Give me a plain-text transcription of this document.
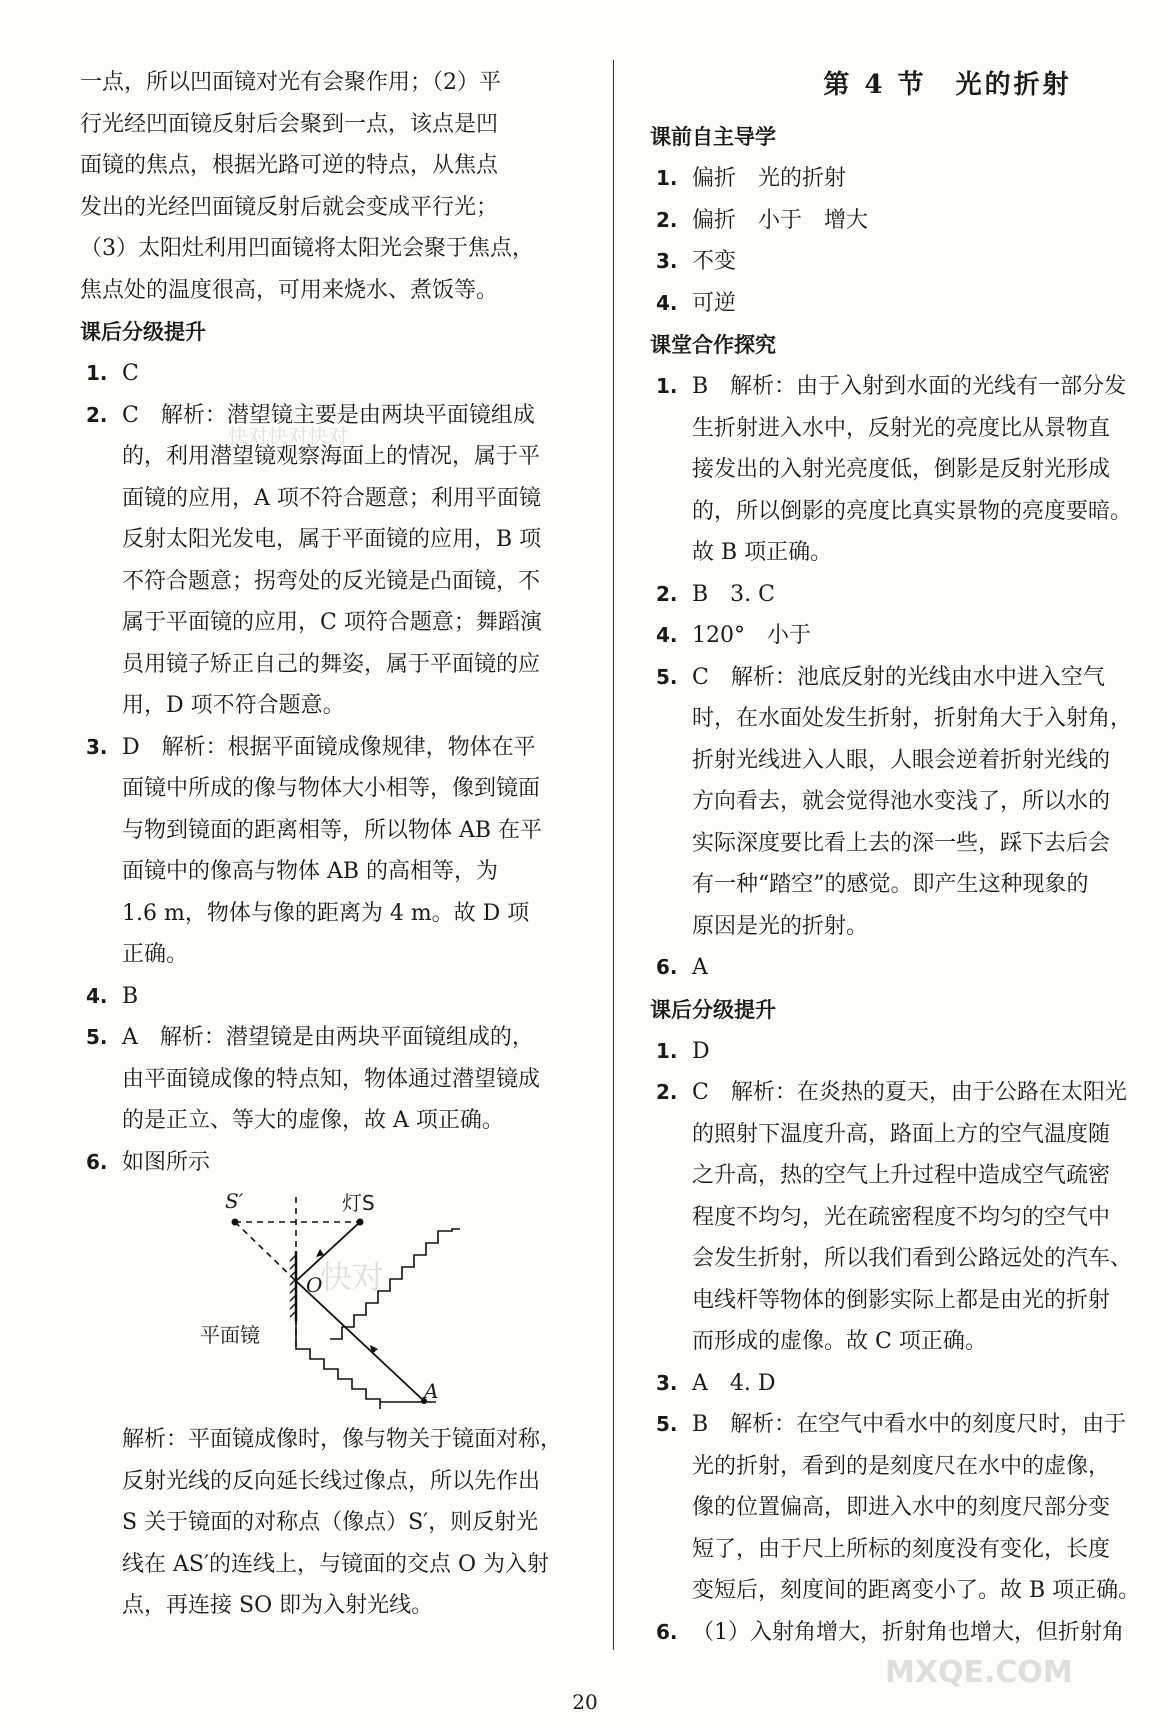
一点，所以凹面镜对光有会聚作用；（2）平

行光经凹面镜反射后会聚到一点，该点是凹

面镜的焦点，根据光路可逆的特点，从焦点

发出的光经凹面镜反射后就会变成平行光；

（3）太阳灶利用凹面镜将太阳光会聚于焦点，

焦点处的温度很高，可用来烧水、煮饭等。

课后分级提升
1. C
2. C　解析：潜望镜主要是由两块平面镜组成
的，利用潜望镜观察海面上的情况，属于平
面镜的应用，A 项不符合题意；利用平面镜
反射太阳光发电，属于平面镜的应用，B 项
不符合题意；拐弯处的反光镜是凸面镜，不
属于平面镜的应用，C 项符合题意；舞蹈演
员用镜子矫正自己的舞姿，属于平面镜的应
用，D 项不符合题意。
3. D　解析：根据平面镜成像规律，物体在平
面镜中所成的像与物体大小相等，像到镜面
与物到镜面的距离相等，所以物体 AB 在平
面镜中的像高与物体 AB 的高相等，为
1.6 m，物体与像的距离为 4 m。故 D 项
正确。
4. B
5. A　解析：潜望镜是由两块平面镜组成的，
由平面镜成像的特点知，物体通过潜望镜成
的是正立、等大的虚像，故 A 项正确。
6. 如图所示
S′	灯S
O
平面镜
A

解析：平面镜成像时，像与物关于镜面对称，

反射光线的反向延长线过像点，所以先作出

S 关于镜面的对称点（像点）S′，则反射光

线在 AS′的连线上，与镜面的交点 O 为入射

点，再连接 SO 即为入射光线。

第 4 节　光的折射
课前自主导学
1. 偏折　光的折射
2. 偏折　小于　增大
3. 不变
4. 可逆
课堂合作探究
1. B　解析：由于入射到水面的光线有一部分发
生折射进入水中，反射光的亮度比从景物直
接发出的入射光亮度低，倒影是反射光形成
的，所以倒影的亮度比真实景物的亮度要暗。
故 B 项正确。
2. B　3. C
4. 120°　小于
5. C　解析：池底反射的光线由水中进入空气
时，在水面处发生折射，折射角大于入射角，
折射光线进入人眼，人眼会逆着折射光线的
方向看去，就会觉得池水变浅了，所以水的
实际深度要比看上去的深一些，踩下去后会
有一种“踏空”的感觉。即产生这种现象的
原因是光的折射。
6. A
课后分级提升
1. D
2. C　解析：在炎热的夏天，由于公路在太阳光
的照射下温度升高，路面上方的空气温度随
之升高，热的空气上升过程中造成空气疏密
程度不均匀，光在疏密程度不均匀的空气中
会发生折射，所以我们看到公路远处的汽车、
电线杆等物体的倒影实际上都是由光的折射
而形成的虚像。故 C 项正确。
3. A　4. D
5. B　解析：在空气中看水中的刻度尺时，由于
光的折射，看到的是刻度尺在水中的虚像，
像的位置偏高，即进入水中的刻度尺部分变
短了，由于尺上所标的刻度没有变化，长度
变短后，刻度间的距离变小了。故 B 项正确。
6. （1）入射角增大，折射角也增大，但折射角
20
快对快对快对
快对
MXQE.COM
